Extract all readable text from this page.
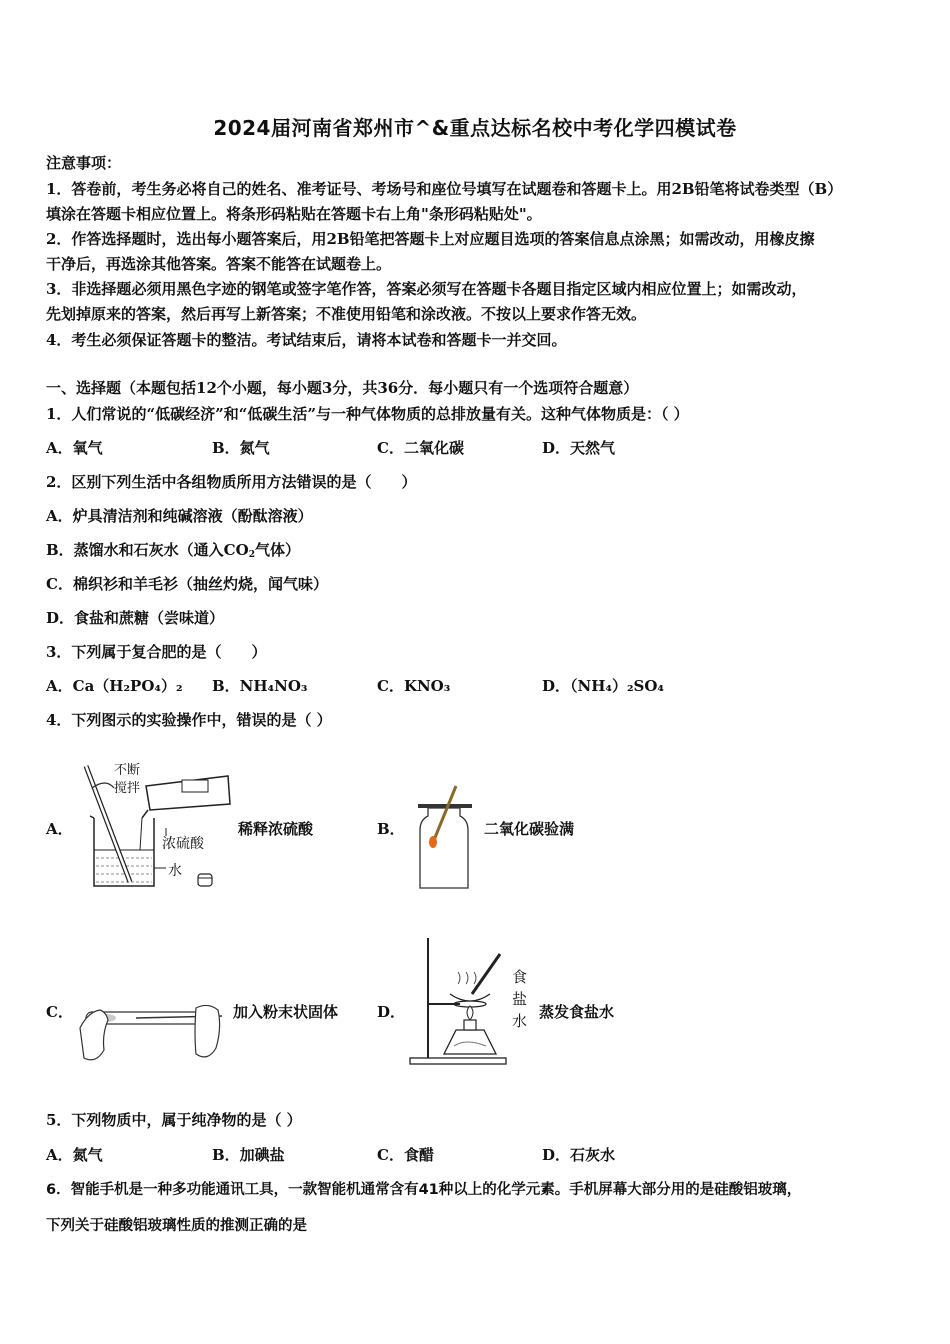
2024届河南省郑州市^&重点达标名校中考化学四模试卷
注意事项：
1．答卷前，考生务必将自己的姓名、准考证号、考场号和座位号填写在试题卷和答题卡上。用2B铅笔将试卷类型（B）
填涂在答题卡相应位置上。将条形码粘贴在答题卡右上角"条形码粘贴处"。
2．作答选择题时，选出每小题答案后，用2B铅笔把答题卡上对应题目选项的答案信息点涂黑；如需改动，用橡皮擦
干净后，再选涂其他答案。答案不能答在试题卷上。
3．非选择题必须用黑色字迹的钢笔或签字笔作答，答案必须写在答题卡各题目指定区域内相应位置上；如需改动，
先划掉原来的答案，然后再写上新答案；不准使用铅笔和涂改液。不按以上要求作答无效。
4．考生必须保证答题卡的整洁。考试结束后，请将本试卷和答题卡一并交回。
一、选择题（本题包括12个小题，每小题3分，共36分．每小题只有一个选项符合题意）
1．人们常说的“低碳经济”和“低碳生活”与一种气体物质的总排放量有关。这种气体物质是：（ ）
A．氧气	B．氮气	C．二氧化碳	D．天然气
2．区别下列生活中各组物质所用方法错误的是（　　）
A．炉具清洁剂和纯碱溶液（酚酞溶液）
B．蒸馏水和石灰水（通入$CO_2$气体）
C．棉织衫和羊毛衫（抽丝灼烧，闻气味）
D．食盐和蔗糖（尝味道）
3．下列属于复合肥的是（　　）
A．Ca（H₂PO₄）₂ B．NH₄NO₃	C．KNO₃	D．（NH₄）₂SO₄
4．下列图示的实验操作中，错误的是（ ）
A．
不断
搅拌
浓硫酸
水
稀释浓硫酸	B．	二氧化碳验满
C．	加入粉末状固体	D．
食
盐
水 蒸发食盐水
5．下列物质中，属于纯净物的是（ ）
A．氮气	B．加碘盐	C．食醋	D．石灰水
6．智能手机是一种多功能通讯工具，一款智能机通常含有41种以上的化学元素。手机屏幕大部分用的是硅酸铝玻璃，
下列关于硅酸铝玻璃性质的推测正确的是
